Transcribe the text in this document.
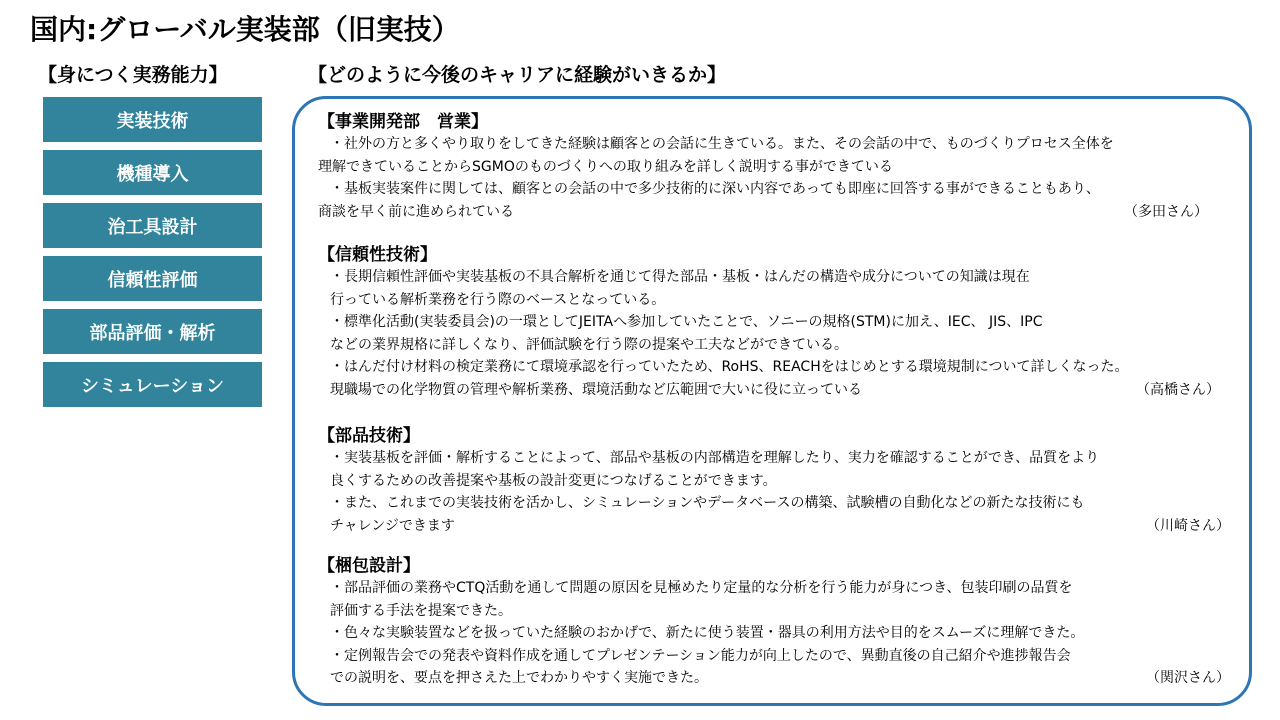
国内:グローバル実装部（旧実技）
【身につく実務能力】	【どのように今後のキャリアに経験がいきるか】
実装技術
機種導入
治工具設計
信頼性評価
部品評価・解析
シミュレーション
【事業開発部　営業】
・社外の方と多くやり取りをしてきた経験は顧客との会話に生きている。また、その会話の中で、ものづくりプロセス全体を
理解できていることからSGMOのものづくりへの取り組みを詳しく説明する事ができている
・基板実装案件に関しては、顧客との会話の中で多少技術的に深い内容であっても即座に回答する事ができることもあり、
商談を早く前に進められている	（多田さん）
【信頼性技術】
・長期信頼性評価や実装基板の不具合解析を通じて得た部品・基板・はんだの構造や成分についての知識は現在
行っている解析業務を行う際のベースとなっている。
・標準化活動(実装委員会)の一環としてJEITAへ参加していたことで、ソニーの規格(STM)に加え、IEC、 JIS、IPC
などの業界規格に詳しくなり、評価試験を行う際の提案や工夫などができている。
・はんだ付け材料の検定業務にて環境承認を行っていたため、RoHS、REACHをはじめとする環境規制について詳しくなった。
現職場での化学物質の管理や解析業務、環境活動など広範囲で大いに役に立っている	（高橋さん）
【部品技術】
・実装基板を評価・解析することによって、部品や基板の内部構造を理解したり、実力を確認することができ、品質をより
良くするための改善提案や基板の設計変更につなげることができます。
・また、これまでの実装技術を活かし、シミュレーションやデータベースの構築、試験槽の自動化などの新たな技術にも
チャレンジできます	（川崎さん）
【梱包設計】
・部品評価の業務やCTQ活動を通して問題の原因を見極めたり定量的な分析を行う能力が身につき、包装印刷の品質を
評価する手法を提案できた。
・色々な実験装置などを扱っていた経験のおかげで、新たに使う装置・器具の利用方法や目的をスムーズに理解できた。
・定例報告会での発表や資料作成を通してプレゼンテーション能力が向上したので、異動直後の自己紹介や進捗報告会
での説明を、要点を押さえた上でわかりやすく実施できた。	（関沢さん）
